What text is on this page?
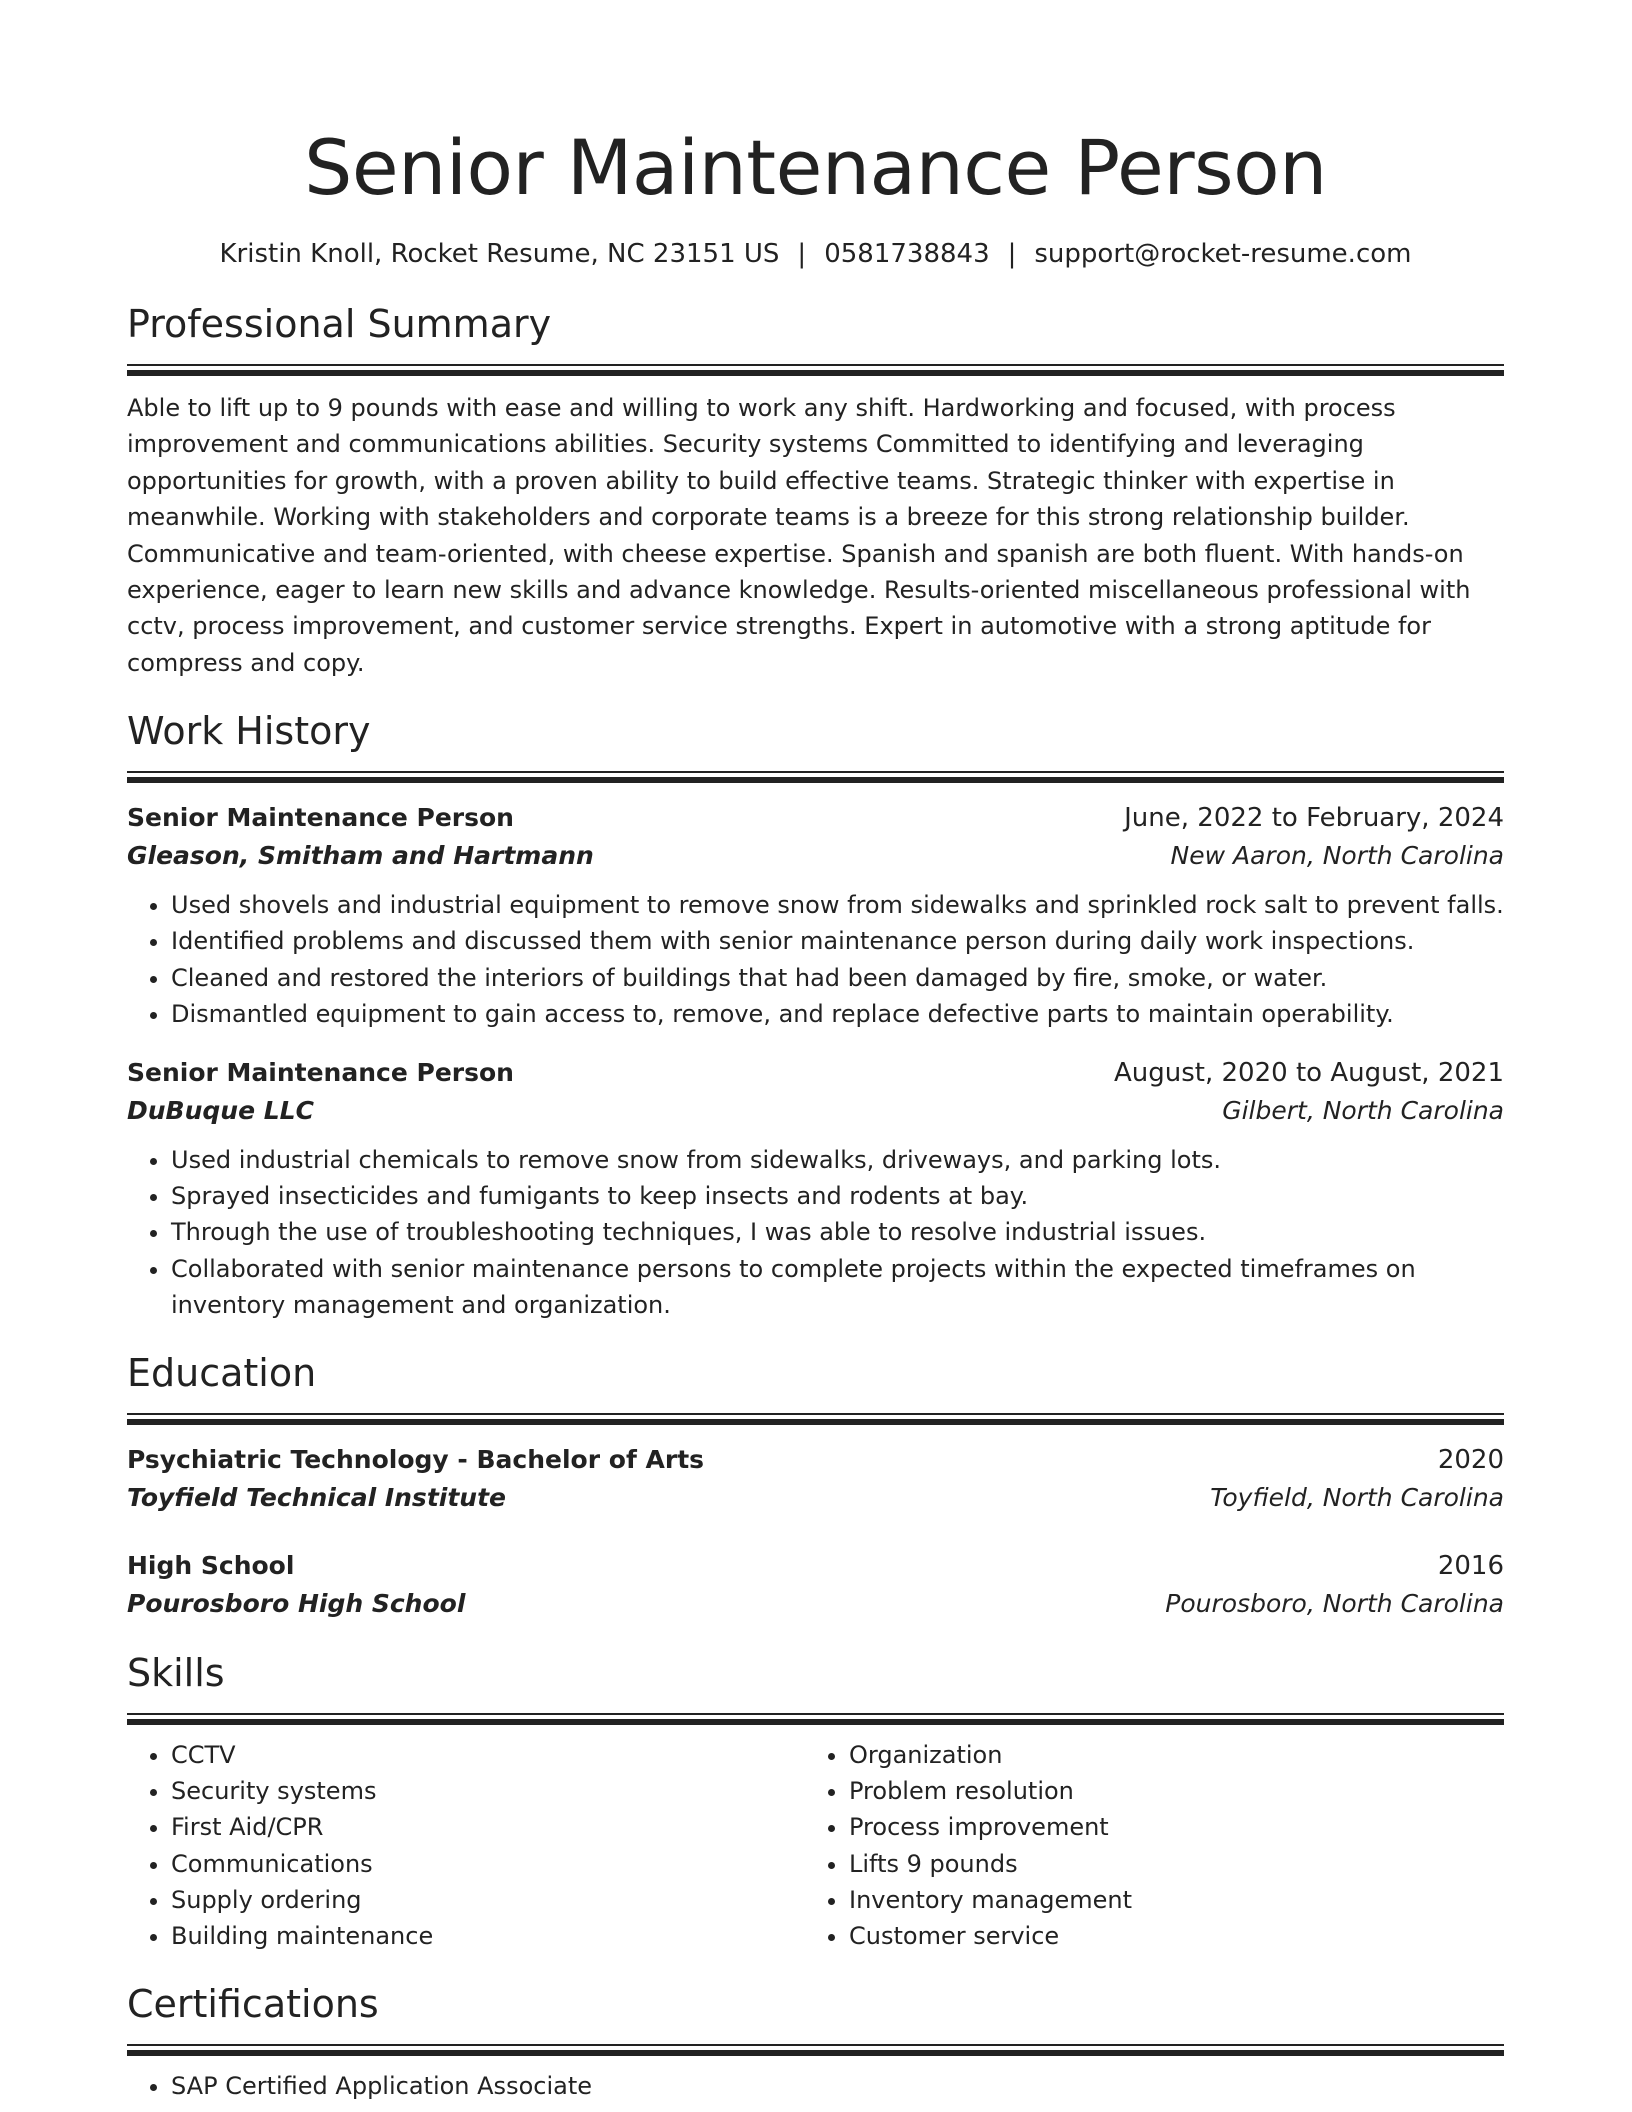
Senior Maintenance Person
Kristin Knoll, Rocket Resume, NC 23151 US | 0581738843 | support@rocket-resume.com
Professional Summary
Able to lift up to 9 pounds with ease and willing to work any shift. Hardworking and focused, with process improvement and communications abilities. Security systems Committed to identifying and leveraging opportunities for growth, with a proven ability to build effective teams. Strategic thinker with expertise in meanwhile. Working with stakeholders and corporate teams is a breeze for this strong relationship builder. Communicative and team-oriented, with cheese expertise. Spanish and spanish are both fluent. With hands-on experience, eager to learn new skills and advance knowledge. Results-oriented miscellaneous professional with cctv, process improvement, and customer service strengths. Expert in automotive with a strong aptitude for compress and copy.
Work History
Senior Maintenance Person	June, 2022 to February, 2024
Gleason, Smitham and Hartmann	New Aaron, North Carolina
• Used shovels and industrial equipment to remove snow from sidewalks and sprinkled rock salt to prevent falls.
• Identified problems and discussed them with senior maintenance person during daily work inspections.
• Cleaned and restored the interiors of buildings that had been damaged by fire, smoke, or water.
• Dismantled equipment to gain access to, remove, and replace defective parts to maintain operability.
Senior Maintenance Person	August, 2020 to August, 2021
DuBuque LLC	Gilbert, North Carolina
• Used industrial chemicals to remove snow from sidewalks, driveways, and parking lots.
• Sprayed insecticides and fumigants to keep insects and rodents at bay.
• Through the use of troubleshooting techniques, I was able to resolve industrial issues.
• Collaborated with senior maintenance persons to complete projects within the expected timeframes on inventory management and organization.
Education
Psychiatric Technology - Bachelor of Arts	2020
Toyfield Technical Institute	Toyfield, North Carolina
High School	2016
Pourosboro High School	Pourosboro, North Carolina
Skills
• CCTV
• Security systems
• First Aid/CPR
• Communications
• Supply ordering
• Building maintenance
• Organization
• Problem resolution
• Process improvement
• Lifts 9 pounds
• Inventory management
• Customer service
Certifications
• SAP Certified Application Associate
